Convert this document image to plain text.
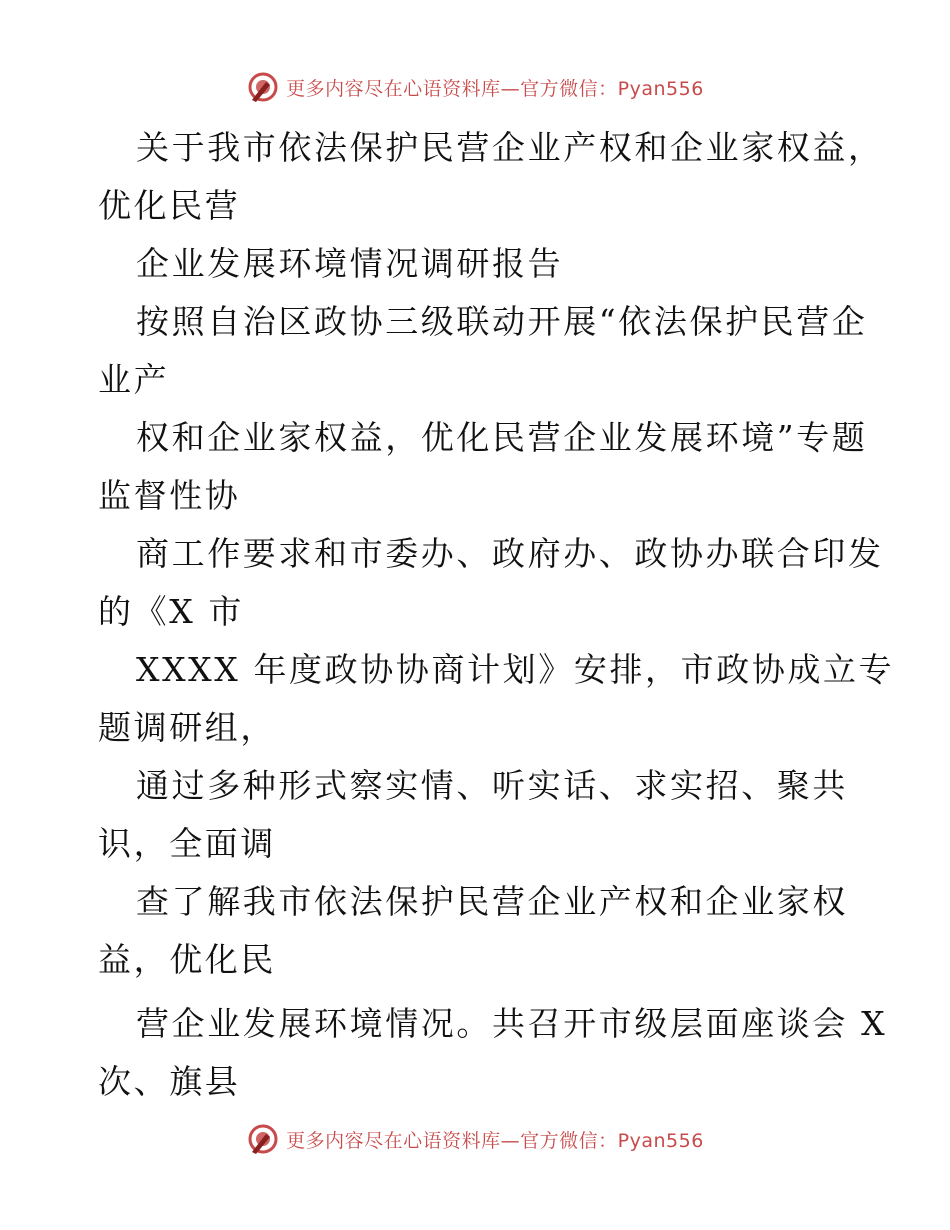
更多内容尽在心语资料库—官方微信：Pyan556
关于我市依法保护民营企业产权和企业家权益，
优化民营
企业发展环境情况调研报告
按照自治区政协三级联动开展“依法保护民营企
业产
权和企业家权益，优化民营企业发展环境”专题
监督性协
商工作要求和市委办、政府办、政协办联合印发
的《X 市
XXXX 年度政协协商计划》安排，市政协成立专
题调研组，
通过多种形式察实情、听实话、求实招、聚共
识，全面调
查了解我市依法保护民营企业产权和企业家权
益，优化民
营企业发展环境情况。共召开市级层面座谈会 X
次、旗县
更多内容尽在心语资料库—官方微信：Pyan556
